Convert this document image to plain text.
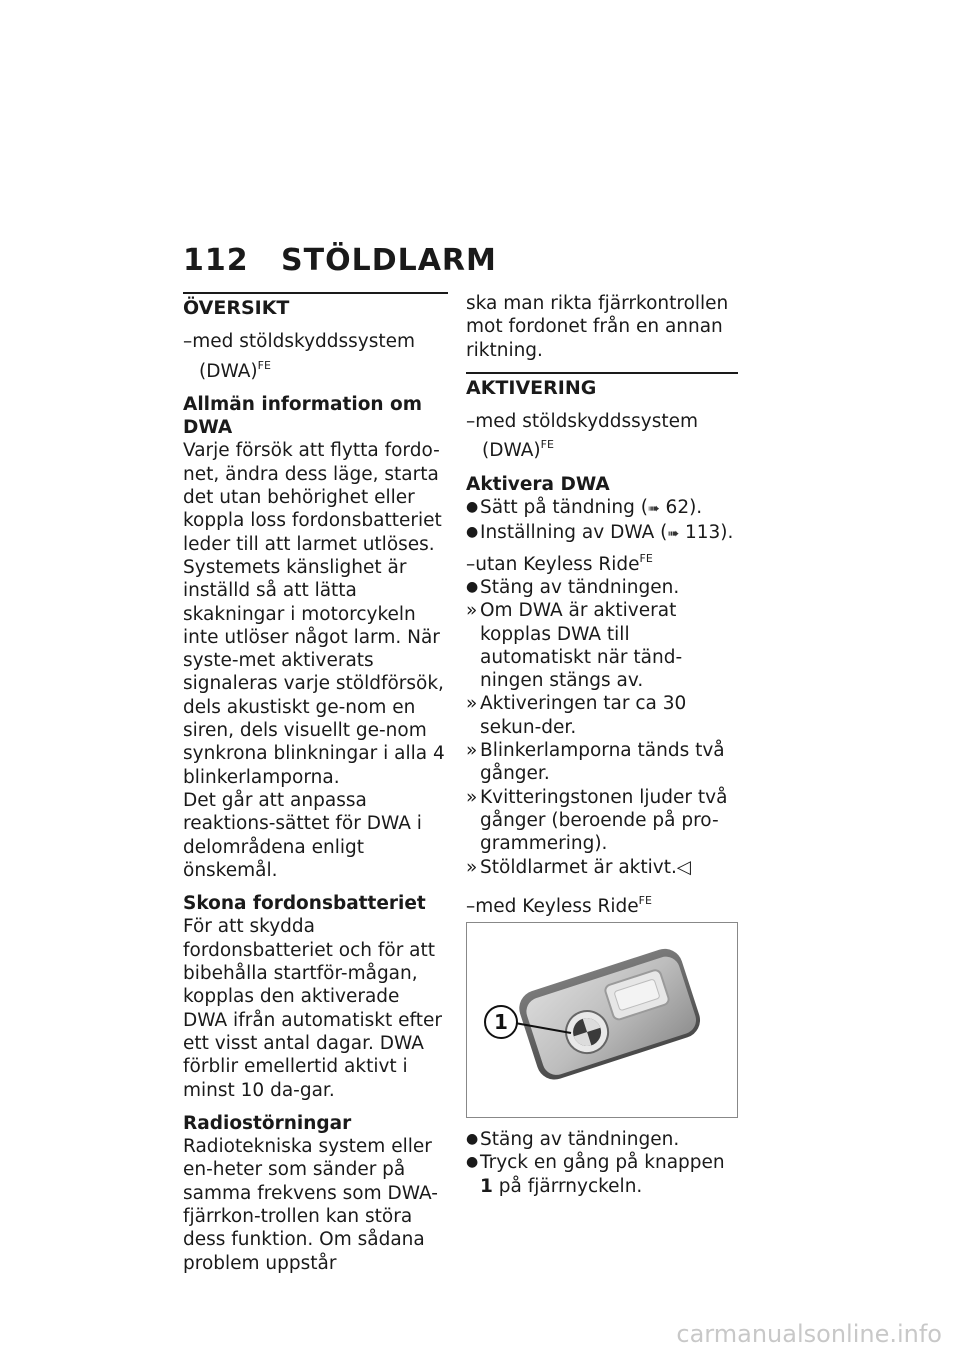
112 STÖLDLARM
ÖVERSIKT

–med stöldskyddssystem (DWA)$^{FE}$

Allmän information om DWA

Varje försök att flytta fordo-net, ändra dess läge, starta det utan behörighet eller koppla loss fordonsbatteriet leder till att larmet utlöses. Systemets känslighet är inställd så att lätta skakningar i motorcykeln inte utlöser något larm. När syste-met aktiverats signaleras varje stöldförsök, dels akustiskt ge-nom en siren, dels visuellt ge-nom synkrona blinkningar i alla 4 blinkerlamporna.

Det går att anpassa reaktions-sättet för DWA i delområdena enligt önskemål.

Skona fordonsbatteriet

För att skydda fordonsbatteriet och för att bibehålla startför-mågan, kopplas den aktiverade DWA ifrån automatiskt efter ett visst antal dagar. DWA förblir emellertid aktivt i minst 10 da-gar.

Radiostörningar

Radiotekniska system eller en-heter som sänder på samma frekvens som DWA-fjärrkon-trollen kan störa dess funktion. Om sådana problem uppstår

ska man rikta fjärrkontrollen mot fordonet från en annan riktning.

AKTIVERING

–med stöldskyddssystem (DWA)$^{FE}$

Aktivera DWA

● Sätt på tändning (➠ 62).

● Inställning av DWA (➠ 113).

–utan Keyless Ride$^{FE}$

● Stäng av tändningen.

» Om DWA är aktiverat kopplas DWA till automatiskt när tänd-ningen stängs av.

» Aktiveringen tar ca 30 sekun-der.

» Blinkerlamporna tänds två gånger.

» Kvitteringstonen ljuder två gånger (beroende på pro-grammering).

» Stöldlarmet är aktivt.◁

–med Keyless Ride$^{FE}$

1

● Stäng av tändningen.

● Tryck en gång på knappen 1 på fjärrnyckeln.

carmanualsonline.info
